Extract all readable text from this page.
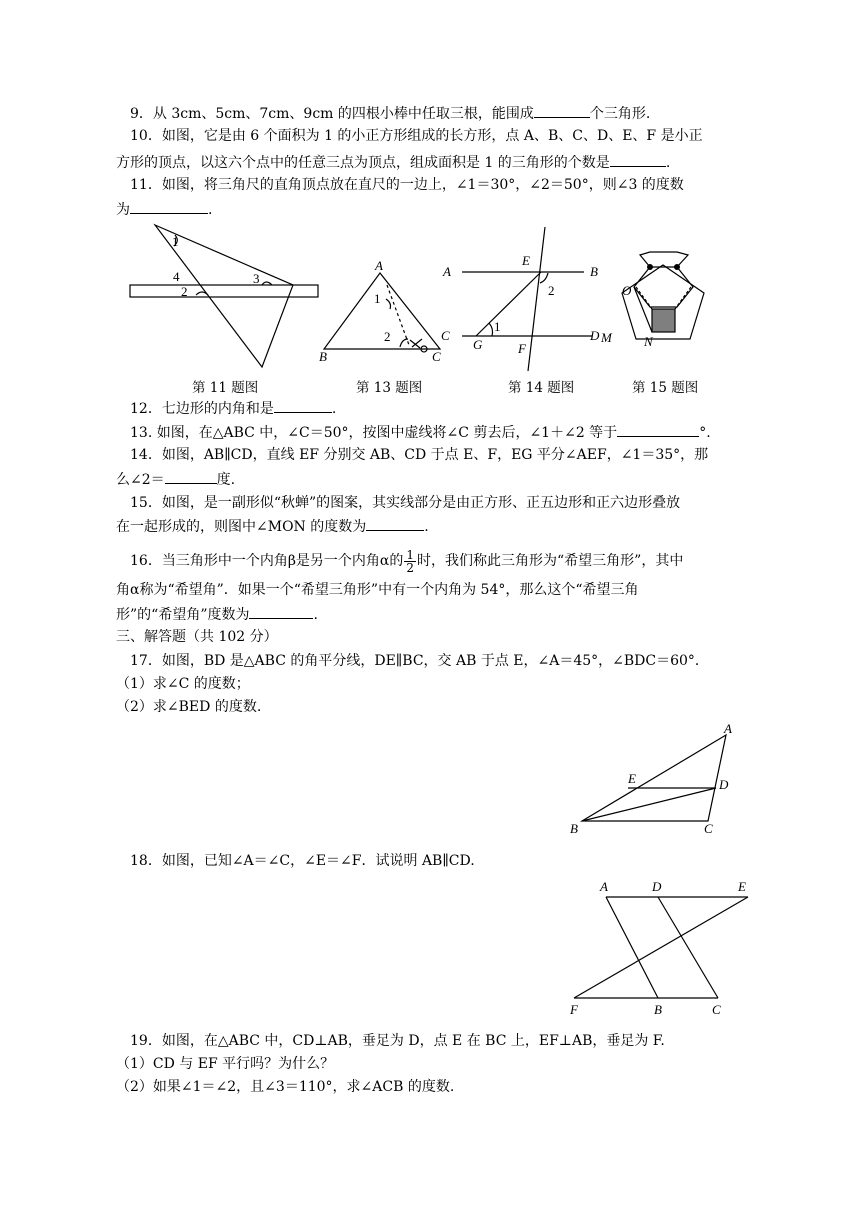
9．从 3cm、5cm、7cm、9cm 的四根小棒中任取三根，能围成	个三角形.
10．如图，它是由 6 个面积为 1 的小正方形组成的长方形，点 A、B、C、D、E、F 是小正
方形的顶点，以这六个点中的任意三点为顶点，组成面积是 1 的三角形的个数是	.
11．如图，将三角尺的直角顶点放在直尺的一边上，∠1＝30°，∠2＝50°，则∠3 的度数
为	.
1
4
2
3
A
B	C
1
2
A
E
B
2
C
1
G	F
D M
O
N
第 11 题图	第 13 题图	第 14 题图	第 15 题图
12．七边形的内角和是	.
13. 如图，在△ABC 中，∠C＝50°，按图中虚线将∠C 剪去后，∠1＋∠2 等于	°.
14．如图，AB∥CD，直线 EF 分别交 AB、CD 于点 E、F，EG 平分∠AEF，∠1＝35°，那
么∠2＝	度.
15．如图，是一副形似“秋蝉”的图案，其实线部分是由正方形、正五边形和正六边形叠放
在一起形成的，则图中∠MON 的度数为	.
16．当三角形中一个内角β是另一个内角α的 $\frac{1}{2}$ 时，我们称此三角形为“希望三角形”，其中
角α称为“希望角”．如果一个“希望三角形”中有一个内角为 54°，那么这个“希望三角
形”的“希望角”度数为	.
三、解答题（共 102 分）
17．如图，BD 是△ABC 的角平分线，DE∥BC，交 AB 于点 E，∠A＝45°，∠BDC＝60°．
（1）求∠C 的度数；
（2）求∠BED 的度数.
A
E	D
B	C
18．如图，已知∠A＝∠C，∠E＝∠F．试说明 AB∥CD.
A	D	E
F	B	C
19．如图，在△ABC 中，CD⊥AB，垂足为 D，点 E 在 BC 上，EF⊥AB，垂足为 F.
（1）CD 与 EF 平行吗？为什么？
（2）如果∠1＝∠2，且∠3＝110°，求∠ACB 的度数.
